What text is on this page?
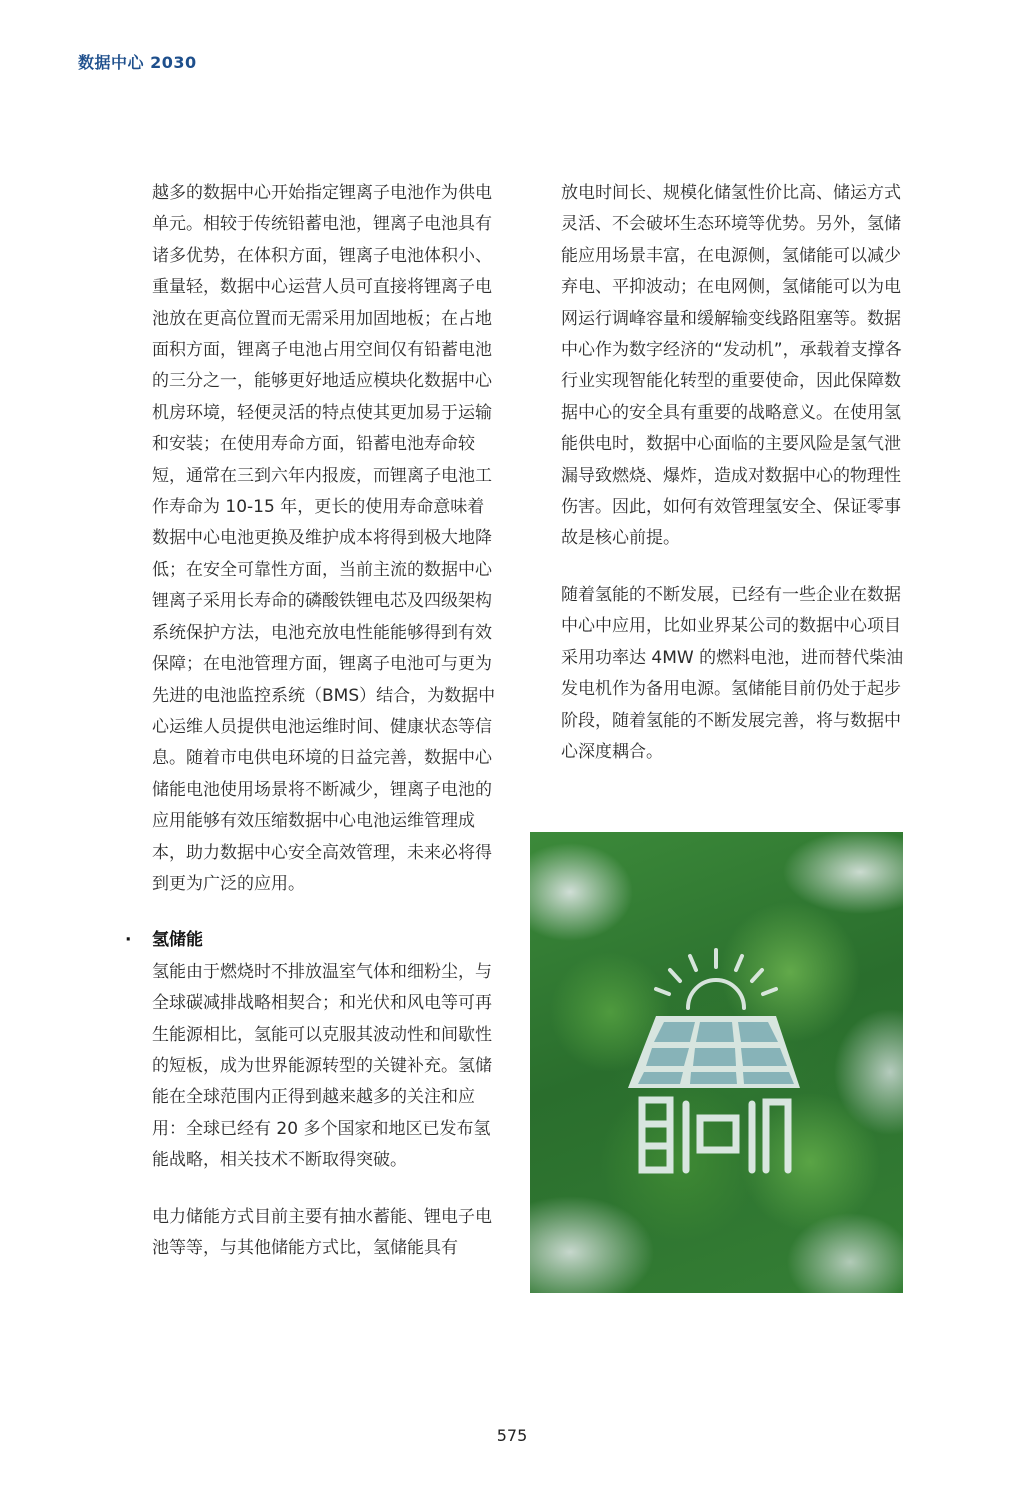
数据中心 2030

越多的数据中心开始指定锂离子电池作为供电单元。相较于传统铅蓄电池，锂离子电池具有诸多优势，在体积方面，锂离子电池体积小、重量轻，数据中心运营人员可直接将锂离子电池放在更高位置而无需采用加固地板；在占地面积方面，锂离子电池占用空间仅有铅蓄电池的三分之一，能够更好地适应模块化数据中心机房环境，轻便灵活的特点使其更加易于运输和安装；在使用寿命方面，铅蓄电池寿命较短，通常在三到六年内报废，而锂离子电池工作寿命为 10-15 年，更长的使用寿命意味着数据中心电池更换及维护成本将得到极大地降低；在安全可靠性方面，当前主流的数据中心锂离子采用长寿命的磷酸铁锂电芯及四级架构系统保护方法，电池充放电性能能够得到有效保障；在电池管理方面，锂离子电池可与更为先进的电池监控系统（BMS）结合，为数据中心运维人员提供电池运维时间、健康状态等信息。随着市电供电环境的日益完善，数据中心储能电池使用场景将不断减少，锂离子电池的应用能够有效压缩数据中心电池运维管理成本，助力数据中心安全高效管理，未来必将得到更为广泛的应用。

· 氢储能

氢能由于燃烧时不排放温室气体和细粉尘，与全球碳减排战略相契合；和光伏和风电等可再生能源相比，氢能可以克服其波动性和间歇性的短板，成为世界能源转型的关键补充。氢储能在全球范围内正得到越来越多的关注和应用：全球已经有 20 多个国家和地区已发布氢能战略，相关技术不断取得突破。

电力储能方式目前主要有抽水蓄能、锂电子电池等等，与其他储能方式比，氢储能具有

放电时间长、规模化储氢性价比高、储运方式灵活、不会破坏生态环境等优势。另外，氢储能应用场景丰富，在电源侧，氢储能可以减少弃电、平抑波动；在电网侧，氢储能可以为电网运行调峰容量和缓解输变线路阻塞等。数据中心作为数字经济的“发动机”，承载着支撑各行业实现智能化转型的重要使命，因此保障数据中心的安全具有重要的战略意义。在使用氢能供电时，数据中心面临的主要风险是氢气泄漏导致燃烧、爆炸，造成对数据中心的物理性伤害。因此，如何有效管理氢安全、保证零事故是核心前提。

随着氢能的不断发展，已经有一些企业在数据中心中应用，比如业界某公司的数据中心项目采用功率达 4MW 的燃料电池，进而替代柴油发电机作为备用电源。氢储能目前仍处于起步阶段，随着氢能的不断发展完善，将与数据中心深度耦合。

575
